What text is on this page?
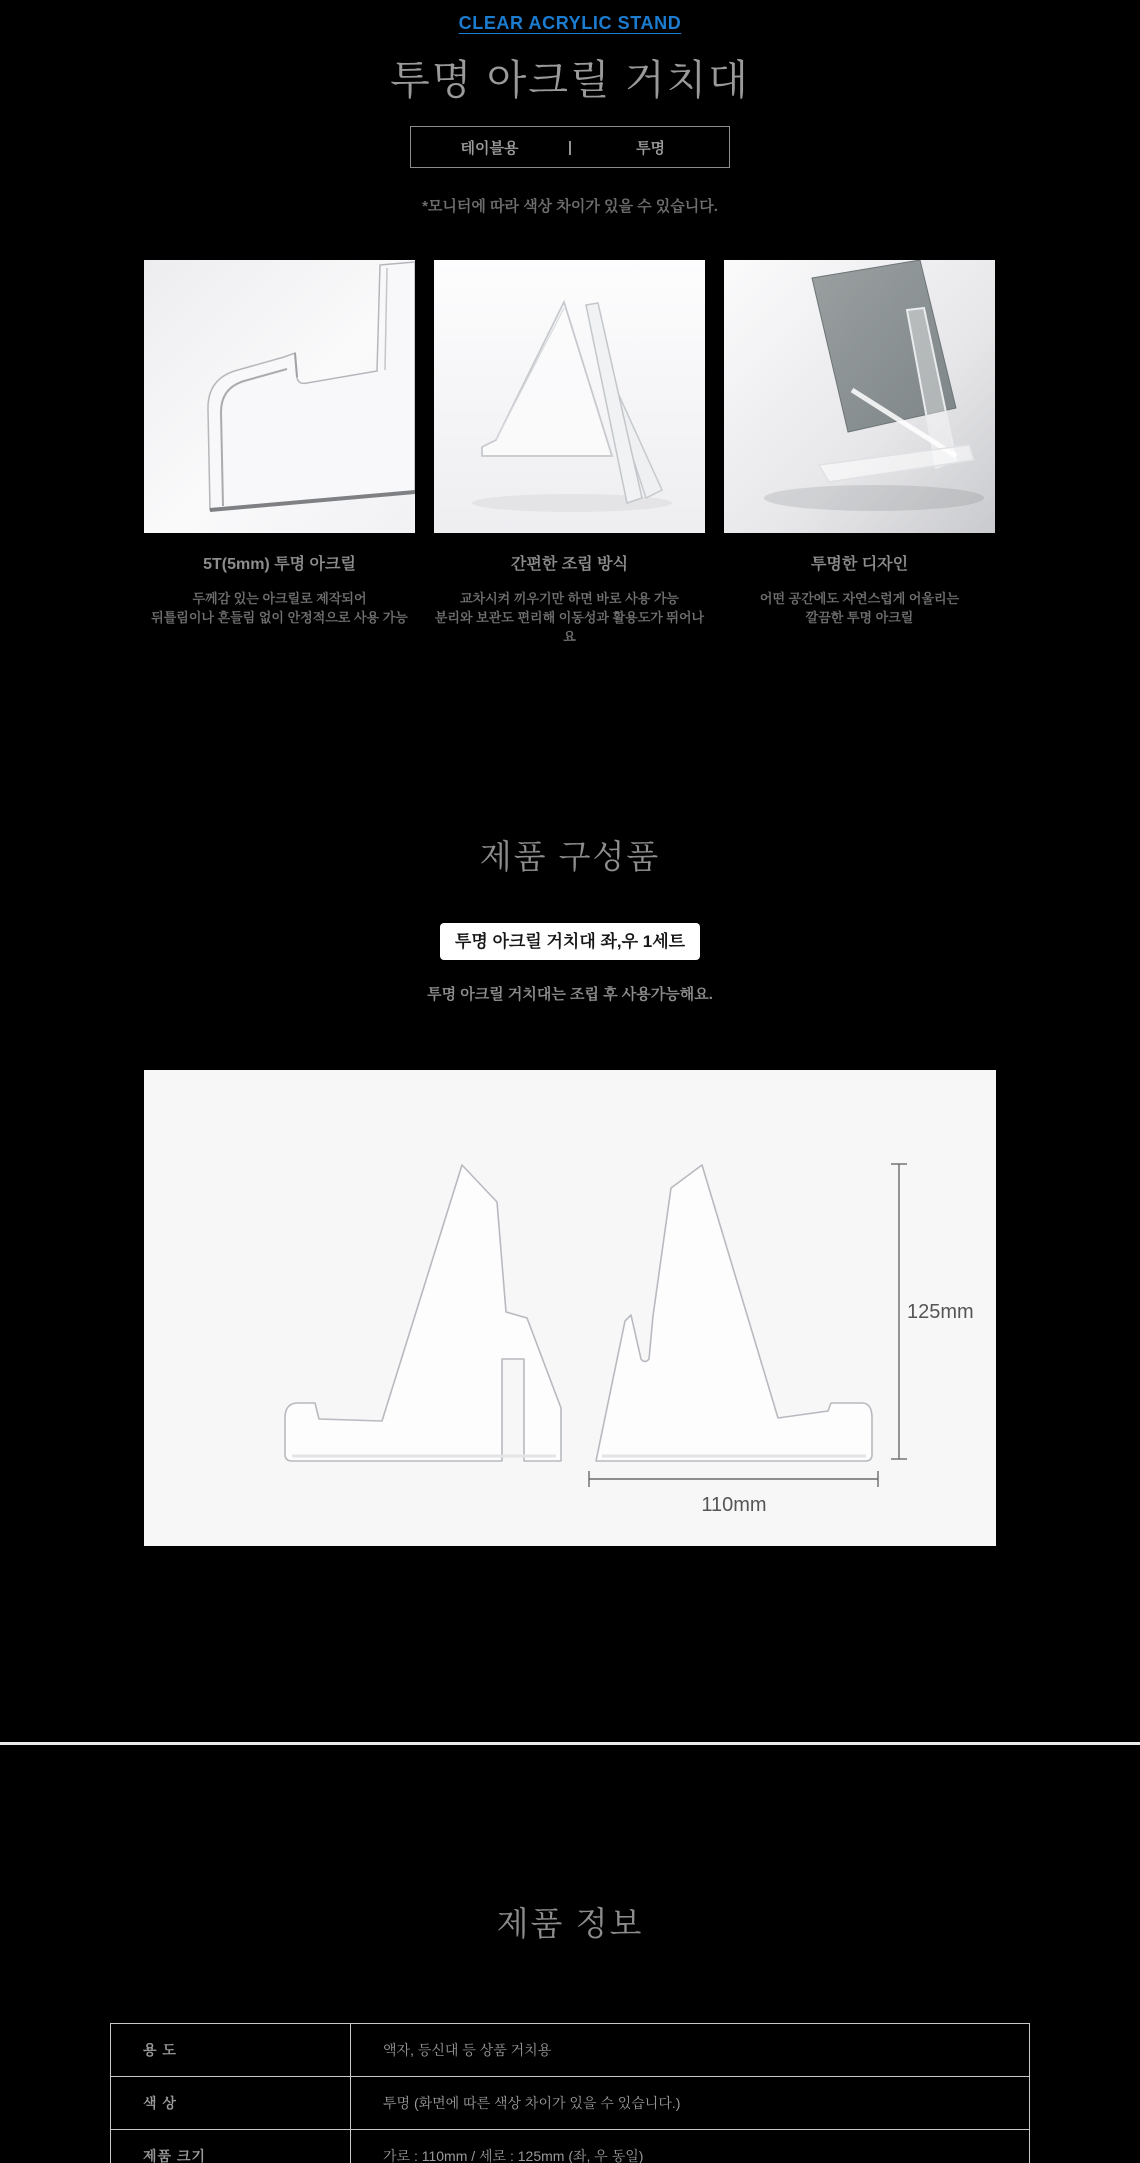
CLEAR ACRYLIC STAND
투명 아크릴 거치대
테이블용	|	투명
*모니터에 따라 색상 차이가 있을 수 있습니다.
5T(5mm) 투명 아크릴
두께감 있는 아크릴로 제작되어
뒤틀림이나 흔들림 없이 안정적으로 사용 가능
간편한 조립 방식
교차시켜 끼우기만 하면 바로 사용 가능
분리와 보관도 편리해 이동성과 활용도가 뛰어나요
투명한 디자인
어떤 공간에도 자연스럽게 어울리는
깔끔한 투명 아크릴
제품 구성품
투명 아크릴 거치대 좌,우 1세트
투명 아크릴 거치대는 조립 후 사용가능해요.
125mm
110mm
제품 정보
용 도	액자, 등신대 등 상품 거치용
색 상	투명 (화면에 따른 색상 차이가 있을 수 있습니다.)
제품 크기	가로 : 110mm / 세로 : 125mm (좌, 우 동일)
